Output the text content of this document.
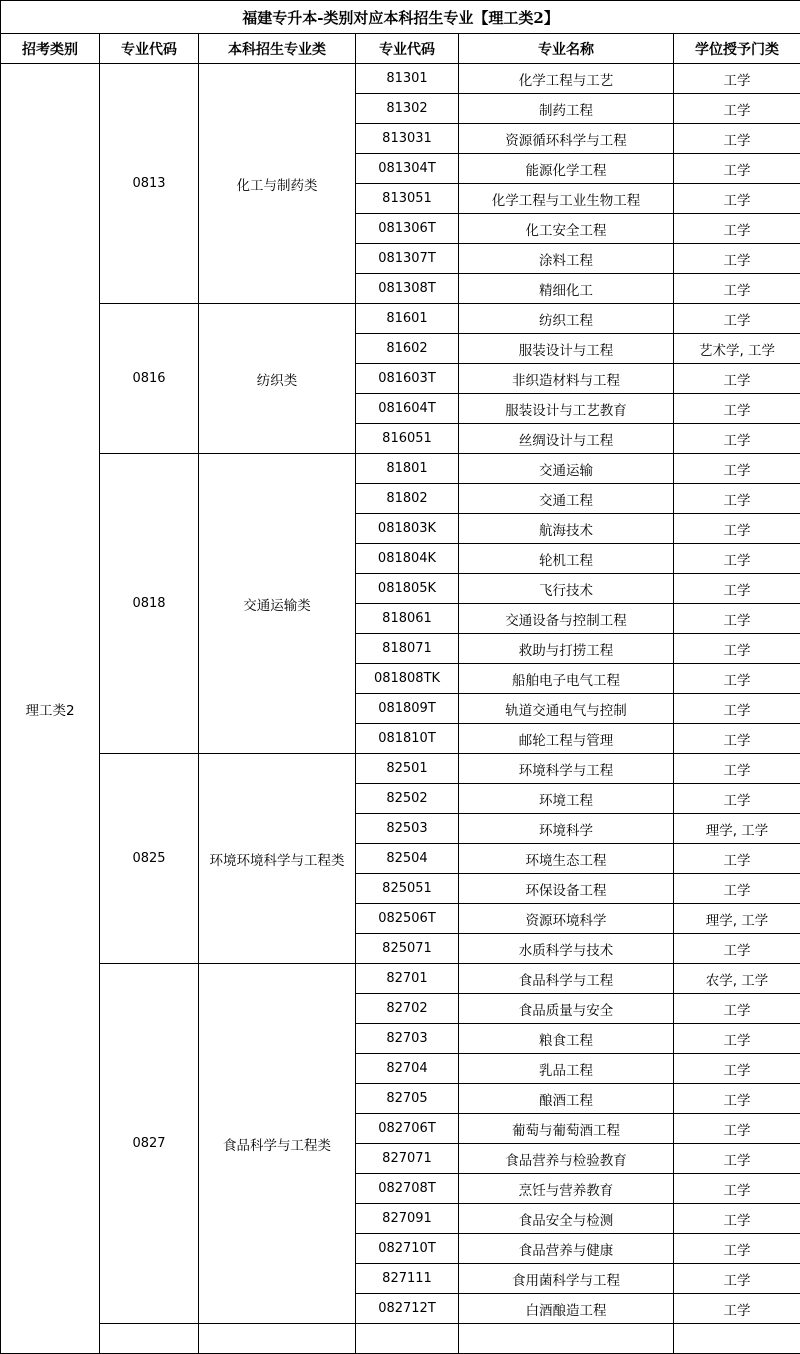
福建专升本-类别对应本科招生专业【理工类2】					
招考类别	专业代码	本科招生专业类	专业代码	专业名称	学位授予门类
理工类2	0813	化工与制药类	81301	化学工程与工艺	工学
			81302	制药工程	工学
			813031	资源循环科学与工程	工学
			081304T	能源化学工程	工学
			813051	化学工程与工业生物工程	工学
			081306T	化工安全工程	工学
			081307T	涂料工程	工学
			081308T	精细化工	工学
	0816	纺织类	81601	纺织工程	工学
			81602	服装设计与工程	艺术学, 工学
			081603T	非织造材料与工程	工学
			081604T	服装设计与工艺教育	工学
			816051	丝绸设计与工程	工学
	0818	交通运输类	81801	交通运输	工学
			81802	交通工程	工学
			081803K	航海技术	工学
			081804K	轮机工程	工学
			081805K	飞行技术	工学
			818061	交通设备与控制工程	工学
			818071	救助与打捞工程	工学
			081808TK	船舶电子电气工程	工学
			081809T	轨道交通电气与控制	工学
			081810T	邮轮工程与管理	工学
	0825	环境环境科学与工程类	82501	环境科学与工程	工学
			82502	环境工程	工学
			82503	环境科学	理学, 工学
			82504	环境生态工程	工学
			825051	环保设备工程	工学
			082506T	资源环境科学	理学, 工学
			825071	水质科学与技术	工学
	0827	食品科学与工程类	82701	食品科学与工程	农学, 工学
			82702	食品质量与安全	工学
			82703	粮食工程	工学
			82704	乳品工程	工学
			82705	酿酒工程	工学
			082706T	葡萄与葡萄酒工程	工学
			827071	食品营养与检验教育	工学
			082708T	烹饪与营养教育	工学
			827091	食品安全与检测	工学
			082710T	食品营养与健康	工学
			827111	食用菌科学与工程	工学
			082712T	白酒酿造工程	工学
